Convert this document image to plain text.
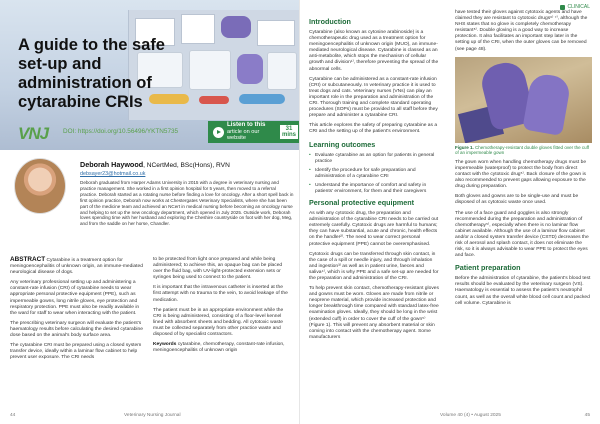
A guide to the safe set-up and administration of cytarabine CRIs
VNJ DOI: https://doi.org/10.56496/YKTN5735
Listen to this
article on our website
31
mins
Deborah Haywood, NCertMed, BSc(Hons), RVN
debsayer23@hotmail.co.uk
Deborah graduated from Harper Adams University in 2015 with a degree in veterinary nursing and practice management. She worked in a first opinion hospital for 5 years, then moved to a referral practice. Deborah started as a rotating nurse before finding a love for oncology. After a short spell back in first opinion practice, Deborah now works at Chestergates Veterinary Specialists, where she has been part of the medicine team and achieved an NCert in medical nursing before becoming an oncology nurse and helping to set up the new oncology department, which opened in July 2025. Outside work, Deborah loves spending time with her husband and exploring the Cheshire countryside on foot with her dog, Meg, and from the saddle on her horse, Chandler.

ABSTRACT Cytarabine is a treatment option for meningoencephalitis of unknown origin, an immune-mediated neurological disease of dogs.

Any veterinary professional setting up and administering a constant-rate infusion (CRI) of cytarabine needs to wear appropriate personal protective equipment (PPE), such as impermeable gowns, long nitrile gloves, eye protection and respiratory protection. PPE must also be readily available in the ward for staff to wear when interacting with the patient.

The prescribing veterinary surgeon will evaluate the patient’s haematology results before calculating the desired cytarabine dose based on the animal’s body surface area.

The cytarabine CRI must be prepared using a closed system transfer device, ideally within a laminar flow cabinet to help prevent user exposure. The CRI needs

to be protected from light once prepared and while being administered; to achieve this, an opaque bag can be placed over the fluid bag, with UV-light-protected extension sets or syringes being used to connect to the patient.

It is important that the intravenous catheter is inserted at the first attempt with no trauma to the vein, to avoid leakage of the medication.

The patient must be in an appropriate environment while the CRI is being administered, consisting of a floor-level kennel lined with absorbent sheets and bedding. All cytotoxic waste must be collected separately from other practice waste and disposed of by specialist contractors.

Keywords cytarabine, chemotherapy, constant-rate infusion, meningoencephalitis of unknown origin

44	Veterinary Nursing Journal
CLINICAL
Introduction

Cytarabine (also known as cytosine arabinoside) is a chemotherapeutic drug used as a treatment option for meningoencephalitis of unknown origin (MUO), an immune-mediated neurological disease. Cytarabine is classed as an anti-metabolite, which stops the mechanism of cellular growth and division¹⁾, therefore preventing the spread of the abnormal cells.

Cytarabine can be administered as a constant-rate infusion (CRI) or subcutaneously. In veterinary practice it is used to treat dogs and cats. Veterinary nurses (VNs) can play an important role in the preparation and administration of the CRI. Thorough training and complete standard operating procedures (SOPs) must be provided to all staff before they prepare and administer a cytarabine CRI.

This article explores the safety of preparing cytarabine as a CRI and the setting up of the patient’s environment.

Learning outcomes
• Evaluate cytarabine as an option for patients in general practice
• Identify the procedure for safe preparation and administration of a cytarabine CRI
• Understand the importance of comfort and safety in patients’ environment, for them and their caregivers
Personal protective equipment

As with any cytotoxic drug, the preparation and administration of the cytarabine CRI needs to be carried out extremely carefully. Cytotoxic drugs are harmful to humans; they can have substantial, acute and chronic, health effects on the handler²⁾. The need to wear correct personal protective equipment (PPE) cannot be overemphasised.

Cytotoxic drugs can be transferred through skin contact, in the case of a spill or needle injury, and through inhalation and ingestion³⁾ as well as in patient urine, faeces and saliva⁴⁾, which is why PPE and a safe set-up are needed for the preparation and administration of the CRI.

To help prevent skin contact, chemotherapy-resistant gloves and gowns must be worn. Gloves are made from nitrile or neoprene material, which provide increased protection and longer breakthrough time compared with standard latex-free examination gloves. Ideally, they should be long in the wrist (extended cuff) in order to cover the cuff of the gown⁵⁾ (Figure 1). This will prevent any absorbent material or skin coming into contact with the chemotherapy agent. Some manufacturers

have tested their gloves against cytotoxic agents and have claimed they are resistant to cytotoxic drugs⁶⁾ ⁷⁾, although the NHS states that no glove is completely chemotherapy resistant⁸⁾. Double gloving is a good way to increase protection. It also facilitates an important step later in the setting up of the CRI, when the outer gloves can be removed (see page 48).

Figure 1. Chemotherapy-resistant double gloves fitted over the cuff of an impermeable gown

The gown worn when handling chemotherapy drugs must be impermeable (waterproof) to protect the body from direct contact with the cytotoxic drug⁵⁾. Back closure of the gown is also recommended to prevent gaps allowing exposure to the drug during preparation.

Both gloves and gowns are to be single-use and must be disposed of as cytotoxic waste once used.

The use of a face guard and goggles is also strongly recommended during the preparation and administration of chemotherapy⁵⁾, especially when there is no laminar flow cabinet available. Although the use of a laminar flow cabinet and/or a closed system transfer device (CSTD) decreases the risk of aerosol and splash contact, it does not eliminate the risk, so it is always advisable to wear PPE to protect the eyes and face.

Patient preparation

Before the administration of cytarabine, the patient’s blood test results should be evaluated by the veterinary surgeon (VS). Haematology is essential to assess the patient’s neutrophil count, as well as the overall white blood cell count and packed cell volume. Cytarabine is

Volume 40 (4) • August 2025	45
